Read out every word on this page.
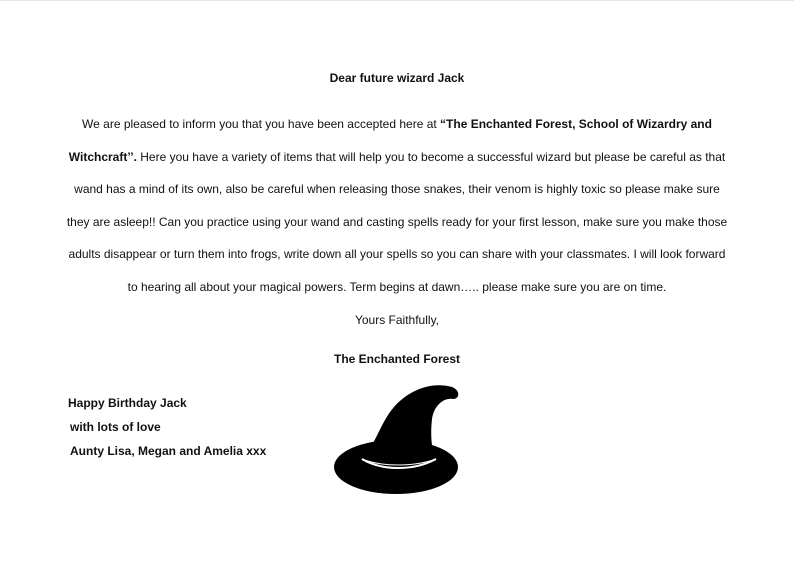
Dear future wizard Jack
We are pleased to inform you that you have been accepted here at “The Enchanted Forest, School of Wizardry and Witchcraft’’. Here you have a variety of items that will help you to become a successful wizard but please be careful as that wand has a mind of its own, also be careful when releasing those snakes, their venom is highly toxic so please make sure they are asleep!! Can you practice using your wand and casting spells ready for your first lesson, make sure you make those adults disappear or turn them into frogs, write down all your spells so you can share with your classmates. I will look forward to hearing all about your magical powers. Term begins at dawn….. please make sure you are on time.
Yours Faithfully,
The Enchanted Forest
Happy Birthday Jack
with lots of love
Aunty Lisa, Megan and Amelia xxx
